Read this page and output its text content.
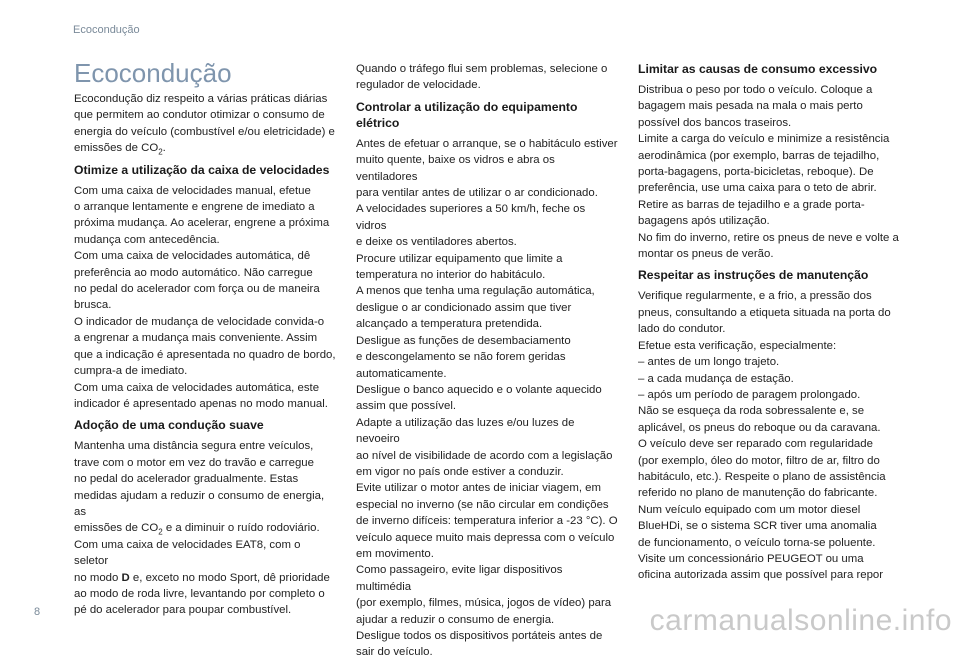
Ecocondução
Ecocondução

Ecocondução diz respeito a várias práticas diárias
que permitem ao condutor otimizar o consumo de
energia do veículo (combustível e/ou eletricidade) e
emissões de $CO_2$.

Otimize a utilização da caixa de velocidades

Com uma caixa de velocidades manual, efetue
o arranque lentamente e engrene de imediato a
próxima mudança. Ao acelerar, engrene a próxima
mudança com antecedência.
Com uma caixa de velocidades automática, dê
preferência ao modo automático. Não carregue
no pedal do acelerador com força ou de maneira
brusca.
O indicador de mudança de velocidade convida-o
a engrenar a mudança mais conveniente. Assim
que a indicação é apresentada no quadro de bordo,
cumpra-a de imediato.
Com uma caixa de velocidades automática, este
indicador é apresentado apenas no modo manual.

Adoção de uma condução suave

Mantenha uma distância segura entre veículos,
trave com o motor em vez do travão e carregue
no pedal do acelerador gradualmente. Estas
medidas ajudam a reduzir o consumo de energia, as
emissões de $CO_2$ e a diminuir o ruído rodoviário.
Com uma caixa de velocidades EAT8, com o seletor
no modo D e, exceto no modo Sport, dê prioridade
ao modo de roda livre, levantando por completo o
pé do acelerador para poupar combustível.

Quando o tráfego flui sem problemas, selecione o
regulador de velocidade.

Controlar a utilização do equipamento elétrico

Antes de efetuar o arranque, se o habitáculo estiver
muito quente, baixe os vidros e abra os ventiladores
para ventilar antes de utilizar o ar condicionado.
A velocidades superiores a 50 km/h, feche os vidros
e deixe os ventiladores abertos.
Procure utilizar equipamento que limite a
temperatura no interior do habitáculo.
A menos que tenha uma regulação automática,
desligue o ar condicionado assim que tiver
alcançado a temperatura pretendida.
Desligue as funções de desembaciamento
e descongelamento se não forem geridas
automaticamente.
Desligue o banco aquecido e o volante aquecido
assim que possível.
Adapte a utilização das luzes e/ou luzes de nevoeiro
ao nível de visibilidade de acordo com a legislação
em vigor no país onde estiver a conduzir.
Evite utilizar o motor antes de iniciar viagem, em
especial no inverno (se não circular em condições
de inverno difíceis: temperatura inferior a -23 °C). O
veículo aquece muito mais depressa com o veículo
em movimento.
Como passageiro, evite ligar dispositivos multimédia
(por exemplo, filmes, música, jogos de vídeo) para
ajudar a reduzir o consumo de energia.
Desligue todos os dispositivos portáteis antes de
sair do veículo.

Limitar as causas de consumo excessivo

Distribua o peso por todo o veículo. Coloque a
bagagem mais pesada na mala o mais perto
possível dos bancos traseiros.
Limite a carga do veículo e minimize a resistência
aerodinâmica (por exemplo, barras de tejadilho,
porta-bagagens, porta-bicicletas, reboque). De
preferência, use uma caixa para o teto de abrir.
Retire as barras de tejadilho e a grade porta-
bagagens após utilização.
No fim do inverno, retire os pneus de neve e volte a
montar os pneus de verão.

Respeitar as instruções de manutenção

Verifique regularmente, e a frio, a pressão dos
pneus, consultando a etiqueta situada na porta do
lado do condutor.
Efetue esta verificação, especialmente:
– antes de um longo trajeto.
– a cada mudança de estação.
– após um período de paragem prolongado.
Não se esqueça da roda sobressalente e, se
aplicável, os pneus do reboque ou da caravana.
O veículo deve ser reparado com regularidade
(por exemplo, óleo do motor, filtro de ar, filtro do
habitáculo, etc.). Respeite o plano de assistência
referido no plano de manutenção do fabricante.
Num veículo equipado com um motor diesel
BlueHDi, se o sistema SCR tiver uma anomalia
de funcionamento, o veículo torna-se poluente.
Visite um concessionário PEUGEOT ou uma
oficina autorizada assim que possível para repor

8	carmanualsonline.info
